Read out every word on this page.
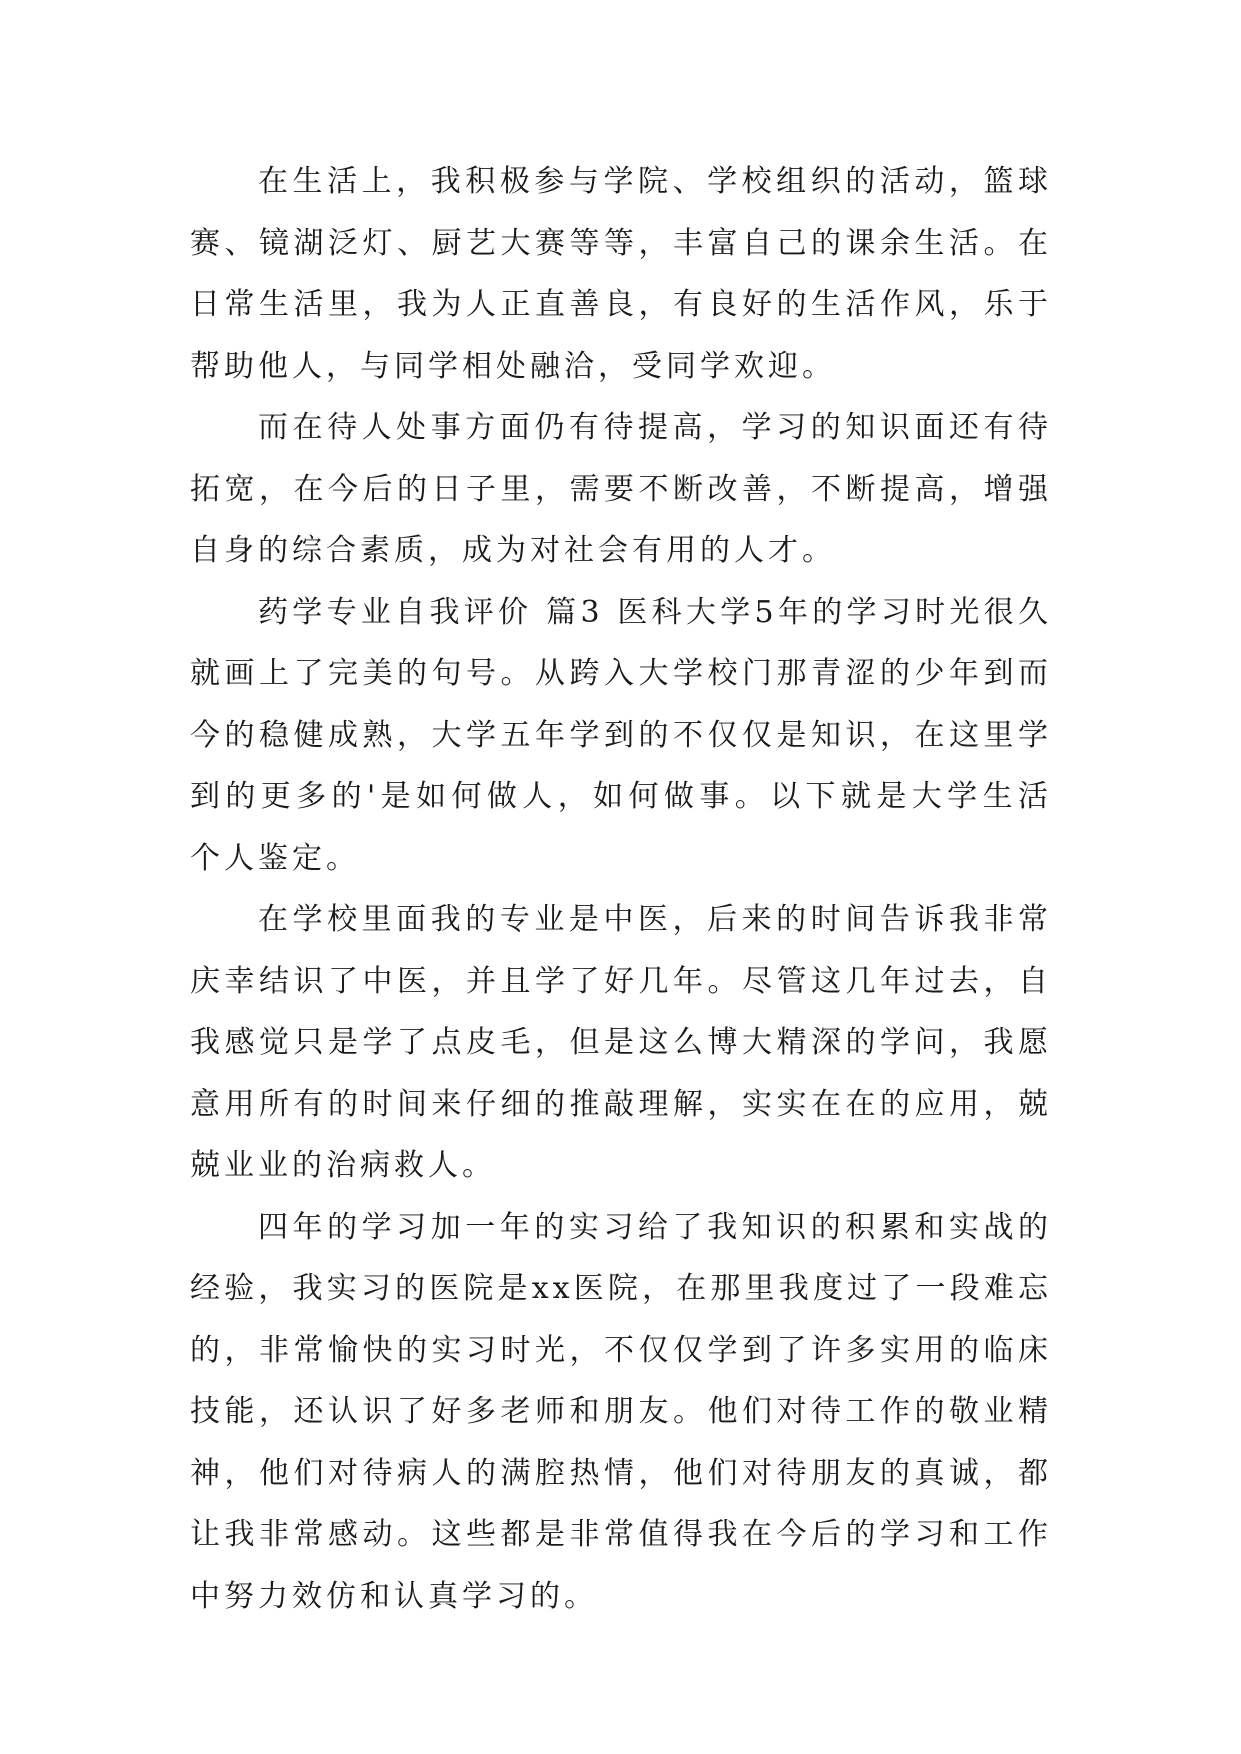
在生活上，我积极参与学院、学校组织的活动，篮球赛、镜湖泛灯、厨艺大赛等等，丰富自己的课余生活。在日常生活里，我为人正直善良，有良好的生活作风，乐于帮助他人，与同学相处融洽，受同学欢迎。

而在待人处事方面仍有待提高，学习的知识面还有待拓宽，在今后的日子里，需要不断改善，不断提高，增强自身的综合素质，成为对社会有用的人才。

药学专业自我评价 篇3 医科大学5年的学习时光很久就画上了完美的句号。从跨入大学校门那青涩的少年到而今的稳健成熟，大学五年学到的不仅仅是知识，在这里学到的更多的'是如何做人，如何做事。以下就是大学生活个人鉴定。

在学校里面我的专业是中医，后来的时间告诉我非常庆幸结识了中医，并且学了好几年。尽管这几年过去，自我感觉只是学了点皮毛，但是这么博大精深的学问，我愿意用所有的时间来仔细的推敲理解，实实在在的应用，兢兢业业的治病救人。

四年的学习加一年的实习给了我知识的积累和实战的经验，我实习的医院是xx医院，在那里我度过了一段难忘的，非常愉快的实习时光，不仅仅学到了许多实用的临床技能，还认识了好多老师和朋友。他们对待工作的敬业精神，他们对待病人的满腔热情，他们对待朋友的真诚，都让我非常感动。这些都是非常值得我在今后的学习和工作中努力效仿和认真学习的。
